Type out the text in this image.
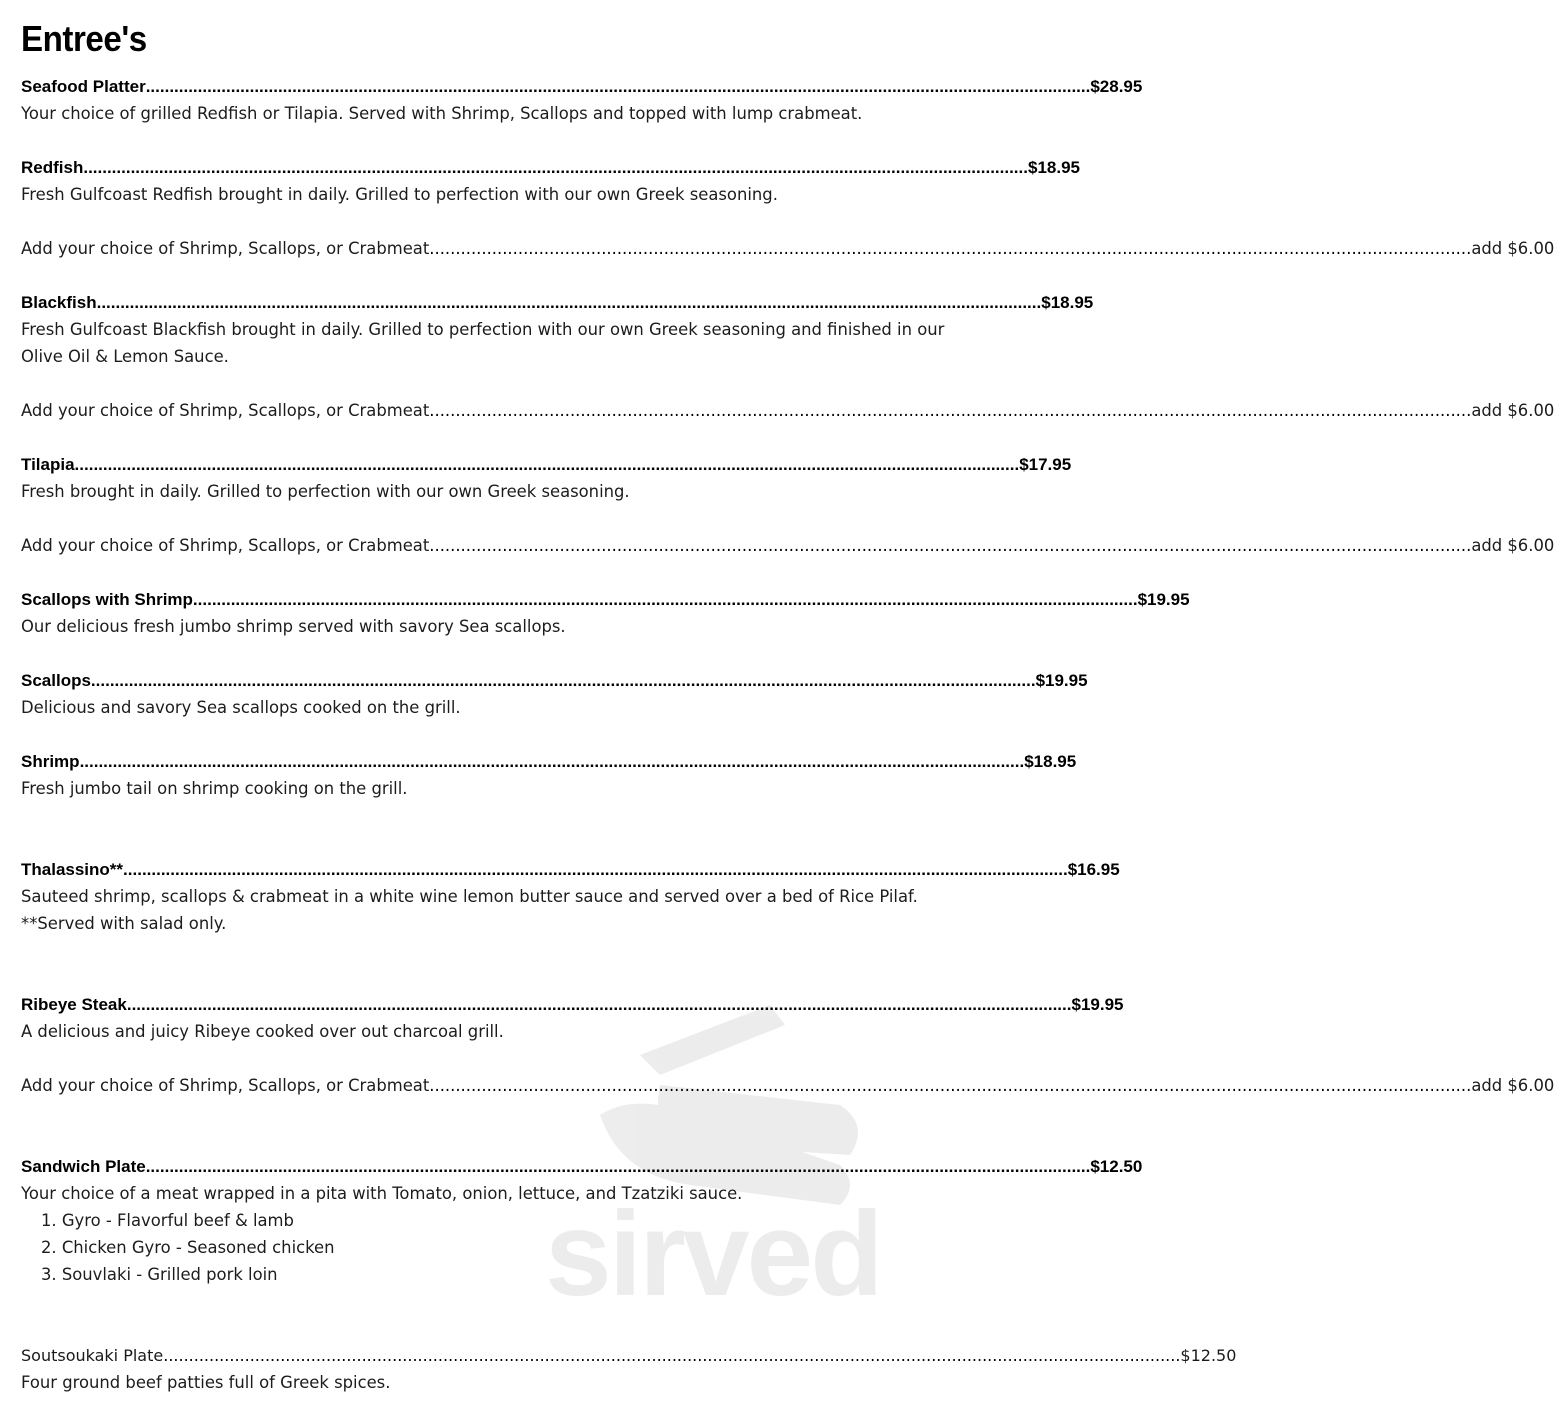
Entree's
Seafood Platter ........................................................................................................................................................................................................ $28.95
Your choice of grilled Redfish or Tilapia. Served with Shrimp, Scallops and topped with lump crabmeat.
Redfish ........................................................................................................................................................................................................ $18.95
Fresh Gulfcoast Redfish brought in daily. Grilled to perfection with our own Greek seasoning.
Add your choice of Shrimp, Scallops, or Crabmeat ........................................................................................................................................................................................................ add $6.00
Blackfish ........................................................................................................................................................................................................ $18.95
Fresh Gulfcoast Blackfish brought in daily. Grilled to perfection with our own Greek seasoning and finished in our
Olive Oil & Lemon Sauce.
Add your choice of Shrimp, Scallops, or Crabmeat ........................................................................................................................................................................................................ add $6.00
Tilapia ........................................................................................................................................................................................................ $17.95
Fresh brought in daily. Grilled to perfection with our own Greek seasoning.
Add your choice of Shrimp, Scallops, or Crabmeat ........................................................................................................................................................................................................ add $6.00
Scallops with Shrimp ........................................................................................................................................................................................................ $19.95
Our delicious fresh jumbo shrimp served with savory Sea scallops.
Scallops ........................................................................................................................................................................................................ $19.95
Delicious and savory Sea scallops cooked on the grill.
Shrimp ........................................................................................................................................................................................................ $18.95
Fresh jumbo tail on shrimp cooking on the grill.
Thalassino** ........................................................................................................................................................................................................ $16.95
Sauteed shrimp, scallops & crabmeat in a white wine lemon butter sauce and served over a bed of Rice Pilaf.
**Served with salad only.
Ribeye Steak ........................................................................................................................................................................................................ $19.95
A delicious and juicy Ribeye cooked over out charcoal grill.
Add your choice of Shrimp, Scallops, or Crabmeat ........................................................................................................................................................................................................ add $6.00
Sandwich Plate ........................................................................................................................................................................................................ $12.50
Your choice of a meat wrapped in a pita with Tomato, onion, lettuce, and Tzatziki sauce.
1. Gyro - Flavorful beef & lamb
2. Chicken Gyro - Seasoned chicken
3. Souvlaki - Grilled pork loin
Soutsoukaki Plate ........................................................................................................................................................................................................ $12.50
Four ground beef patties full of Greek spices.
sirved
